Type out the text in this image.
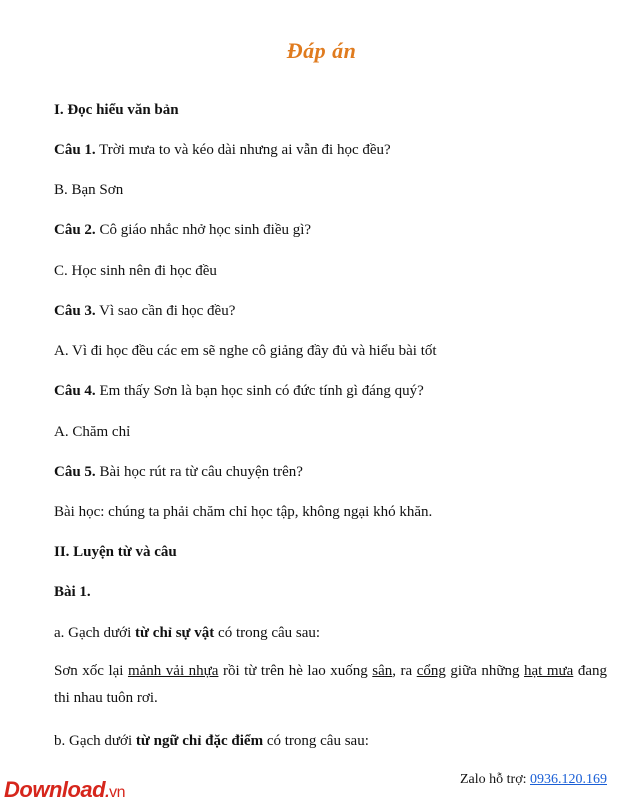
Đáp án
I. Đọc hiểu văn bản
Câu 1. Trời mưa to và kéo dài nhưng ai vẫn đi học đều?
B. Bạn Sơn
Câu 2. Cô giáo nhắc nhở học sinh điều gì?
C. Học sinh nên đi học đều
Câu 3. Vì sao cần đi học đều?
A. Vì đi học đều các em sẽ nghe cô giảng đầy đủ và hiểu bài tốt
Câu 4. Em thấy Sơn là bạn học sinh có đức tính gì đáng quý?
A. Chăm chỉ
Câu 5. Bài học rút ra từ câu chuyện trên?
Bài học: chúng ta phải chăm chỉ học tập, không ngại khó khăn.
II. Luyện từ và câu
Bài 1.
a. Gạch dưới từ chỉ sự vật có trong câu sau:
Sơn xốc lại mảnh vải nhựa rồi từ trên hè lao xuống sân, ra cổng giữa những hạt mưa đang thi nhau tuôn rơi.
b. Gạch dưới từ ngữ chỉ đặc điểm có trong câu sau:
Download.vn
Zalo hỗ trợ: 0936.120.169
